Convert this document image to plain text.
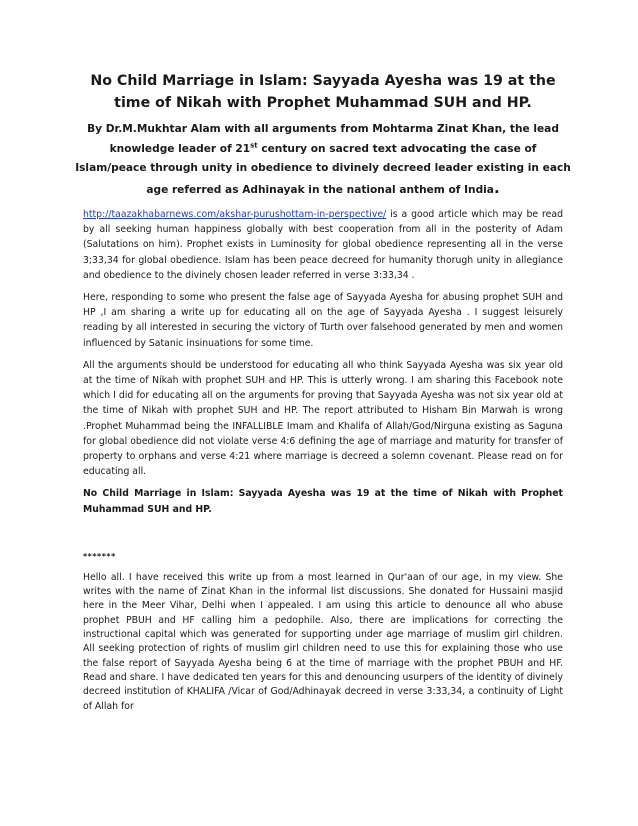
No Child Marriage in Islam: Sayyada Ayesha was 19 at the time of Nikah with Prophet Muhammad SUH and HP.
By Dr.M.Mukhtar Alam with all arguments from Mohtarma Zinat Khan, the lead knowledge leader of 21st century on sacred text advocating the case of Islam/peace through unity in obedience to divinely decreed leader existing in each age referred as Adhinayak in the national anthem of India.

http://taazakhabarnews.com/akshar-purushottam-in-perspective/ is a good article which may be read by all seeking human happiness globally with best cooperation from all in the posterity of Adam (Salutations on him). Prophet exists in Luminosity for global obedience representing all in the verse 3;33,34 for global obedience. Islam has been peace decreed for humanity thorugh unity in allegiance and obedience to the divinely chosen leader referred in verse 3:33,34 .

Here, responding to some who present the false age of Sayyada Ayesha for abusing prophet SUH and HP ,I am sharing a write up for educating all on the age of Sayyada Ayesha . I suggest leisurely reading by all interested in securing the victory of Turth over falsehood generated by men and women influenced by Satanic insinuations for some time.

All the arguments should be understood for educating all who think Sayyada Ayesha was six year old at the time of Nikah with prophet SUH and HP. This is utterly wrong. I am sharing this Facebook note which I did for educating all on the arguments for proving that Sayyada Ayesha was not six year old at the time of Nikah with prophet SUH and HP. The report attributed to Hisham Bin Marwah is wrong .Prophet Muhammad being the INFALLIBLE Imam and Khalifa of Allah/God/Nirguna existing as Saguna for global obedience did not violate verse 4:6 defining the age of marriage and maturity for transfer of property to orphans and verse 4:21 where marriage is decreed a solemn covenant. Please read on for educating all.

No Child Marriage in Islam: Sayyada Ayesha was 19 at the time of Nikah with Prophet Muhammad SUH and HP.

*******

Hello all. I have received this write up from a most learned in Qur'aan of our age, in my view. She writes with the name of Zinat Khan in the informal list discussions. She donated for Hussaini masjid here in the Meer Vihar, Delhi when I appealed. I am using this article to denounce all who abuse prophet PBUH and HF calling him a pedophile. Also, there are implications for correcting the instructional capital which was generated for supporting under age marriage of muslim girl children. All seeking protection of rights of muslim girl children need to use this for explaining those who use the false report of Sayyada Ayesha being 6 at the time of marriage with the prophet PBUH and HF. Read and share. I have dedicated ten years for this and denouncing usurpers of the identity of divinely decreed institution of KHALIFA /Vicar of God/Adhinayak decreed in verse 3:33,34, a continuity of Light of Allah for
